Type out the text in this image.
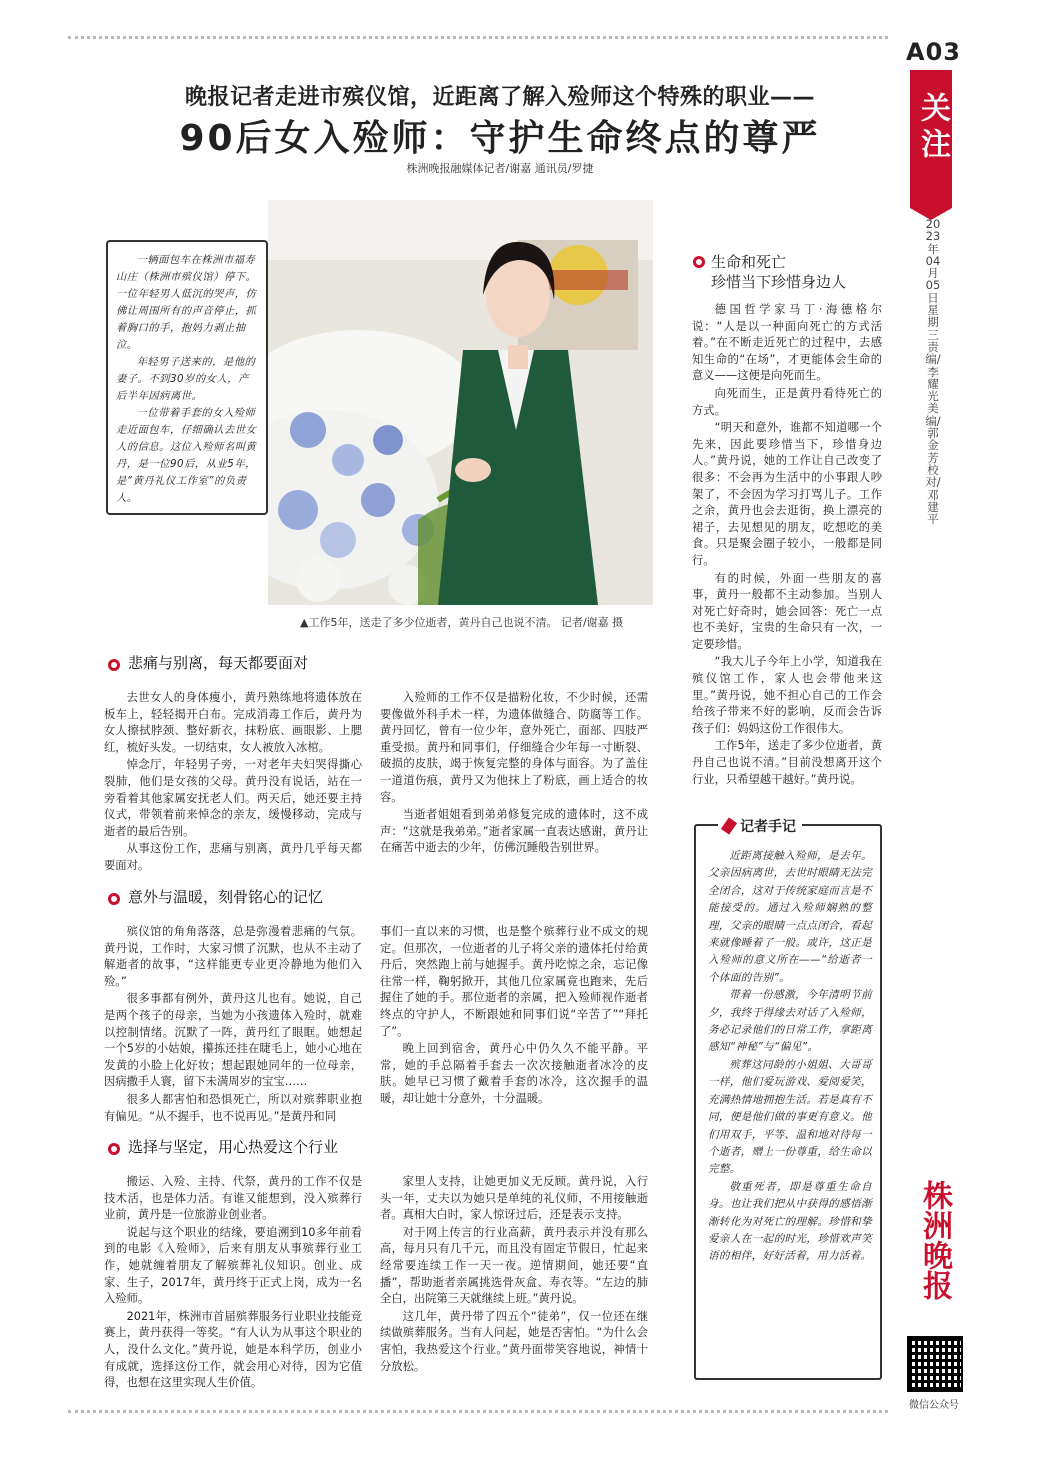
A03
关注
2023年04月05日 星期三 责编/李耀光 美编/郭金芳 校对/邓建平
株洲晚报
微信公众号
晚报记者走进市殡仪馆，近距离了解入殓师这个特殊的职业——
90后女入殓师：守护生命终点的尊严
株洲晚报融媒体记者/谢嘉 通讯员/罗捷
▲工作5年，送走了多少位逝者，黄丹自己也说不清。 记者/谢嘉 摄

一辆面包车在株洲市福寿山庄（株洲市殡仪馆）停下。一位年轻男人低沉的哭声，仿佛让周围所有的声音停止，抓着胸口的手，抱妈力剥止抽泣。

年轻男子送来的，是他的妻子。不到30岁的女人，产后半年因病离世。

一位带着手套的女入殓师走近面包车，仔细确认去世女人的信息。这位入殓师名叫黄丹，是一位90后，从业5年，是“黄丹礼仪工作室”的负责人。

悲痛与别离，每天都要面对

去世女人的身体瘦小，黄丹熟练地将遗体放在板车上，轻轻揭开白布。完成消毒工作后，黄丹为女人擦拭脖颈、整好新衣，抹粉底、画眼影、上腮红，梳好头发。一切结束，女人被放入冰棺。

悼念厅，年轻男子旁，一对老年夫妇哭得撕心裂肺，他们是女孩的父母。黄丹没有说话，站在一旁看着其他家属安抚老人们。两天后，她还要主持仪式，带领着前来悼念的亲友，缓慢移动，完成与逝者的最后告别。

从事这份工作，悲痛与别离，黄丹几乎每天都要面对。

入殓师的工作不仅是描粉化妆，不少时候，还需要像做外科手术一样，为遗体做缝合、防腐等工作。黄丹回忆，曾有一位少年，意外死亡，面部、四肢严重受损。黄丹和同事们，仔细缝合少年每一寸断裂、破损的皮肤，竭于恢复完整的身体与面容。为了盖住一道道伤痕，黄丹又为他抹上了粉底，画上适合的妆容。

当逝者姐姐看到弟弟修复完成的遗体时，这不成声：“这就是我弟弟。”逝者家属一直表达感谢，黄丹让在痛苦中逝去的少年，仿佛沉睡般告别世界。

意外与温暖，刻骨铭心的记忆

殡仪馆的角角落落，总是弥漫着悲痛的气氛。黄丹说，工作时，大家习惯了沉默，也从不主动了解逝者的故事，“这样能更专业更冷静地为他们入殓。”

很多事都有例外，黄丹这儿也有。她说，自己是两个孩子的母亲，当她为小孩遗体入殓时，就难以控制情绪。沉默了一阵，黄丹红了眼眶。她想起一个5岁的小姑娘，攥拣还挂在睫毛上，她小心地在发黄的小脸上化好妆；想起跟她同年的一位母亲，因病撒手人寰，留下未满周岁的宝宝……

很多人都害怕和恐惧死亡，所以对殡葬职业抱有偏见。“从不握手，也不说再见。”是黄丹和同

事们一直以来的习惯，也是整个殡葬行业不成文的规定。但那次，一位逝者的儿子将父亲的遗体托付给黄丹后，突然跑上前与她握手。黄丹吃惊之余，忘记像往常一样，鞠躬掀开，其他几位家属竟也跑来，先后握住了她的手。那位逝者的亲属，把入殓师视作逝者终点的守护人，不断跟她和同事们说“辛苦了”“拜托了”。

晚上回到宿舍，黄丹心中仍久久不能平静。平常，她的手总隔着手套去一次次接触逝者冰冷的皮肤。她早已习惯了戴着手套的冰冷，这次握手的温暖，却让她十分意外，十分温暖。

选择与坚定，用心热爱这个行业

搬运、入殓、主持、代祭，黄丹的工作不仅是技术活，也是体力活。有谁又能想到，没入殡葬行业前，黄丹是一位旅游业创业者。

说起与这个职业的结缘，要追溯到10多年前看到的电影《入殓师》，后来有朋友从事殡葬行业工作，她就缠着朋友了解殡葬礼仪知识。创业、成家、生子，2017年，黄丹终于正式上岗，成为一名入殓师。

2021年，株洲市首届殡葬服务行业职业技能竞赛上，黄丹获得一等奖。“有人认为从事这个职业的人，没什么文化。”黄丹说，她是本科学历，创业小有成就，选择这份工作，就会用心对待，因为它值得，也想在这里实现人生价值。

家里人支持，让她更加义无反顾。黄丹说，入行头一年，丈夫以为她只是单纯的礼仪师，不用接触逝者。真相大白时，家人惊讶过后，还是表示支持。

对于网上传言的行业高薪，黄丹表示并没有那么高，每月只有几千元，而且没有固定节假日，忙起来经常要连续工作一天一夜。逆情期间，她还要“直播”，帮助逝者亲属挑选骨灰盒、寿衣等。“左边的肺全白，出院第三天就继续上班。”黄丹说。

这几年，黄丹带了四五个“徒弟”，仅一位还在继续做殡葬服务。当有人问起，她是否害怕。“为什么会害怕，我热爱这个行业。”黄丹面带笑容地说，神情十分放松。

生命和死亡
珍惜当下珍惜身边人

德国哲学家马丁·海德格尔说：“人是以一种面向死亡的方式活着。”在不断走近死亡的过程中，去感知生命的“在场”，才更能体会生命的意义——这便是向死而生。

向死而生，正是黄丹看待死亡的方式。

“明天和意外，谁都不知道哪一个先来，因此要珍惜当下，珍惜身边人。”黄丹说，她的工作让自己改变了很多：不会再为生活中的小事跟人吵架了，不会因为学习打骂儿子。工作之余，黄丹也会去逛街，换上漂亮的裙子，去见想见的朋友，吃想吃的美食。只是聚会圈子较小，一般都是同行。

有的时候，外面一些朋友的喜事，黄丹一般都不主动参加。当别人对死亡好奇时，她会回答：死亡一点也不美好，宝贵的生命只有一次，一定要珍惜。

“我大儿子今年上小学，知道我在殡仪馆工作，家人也会带他来这里。”黄丹说，她不担心自己的工作会给孩子带来不好的影响，反而会告诉孩子们：妈妈这份工作很伟大。

工作5年，送走了多少位逝者，黄丹自己也说不清。”目前没想离开这个行业，只希望越干越好。”黄丹说。

记者手记

近距离接触入殓师，是去年。父亲因病离世，去世时眼睛无法完全闭合，这对于传统家庭而言是不能接受的。通过入殓师娴熟的整理，父亲的眼睛一点点闭合，看起来就像睡着了一般。或许，这正是入殓师的意义所在——“给逝者一个体面的告别”。

带着一份感激，今年清明节前夕，我终于得缘去对话了入殓师，务必记录他们的日常工作，拿距离感知“神秘”与“偏见”。

殡葬这同龄的小姐姐、大哥哥一样，他们爱玩游戏、爱阅爱笑，充满热情地拥抱生活。若是真有不同，便是他们做的事更有意义。他们用双手，平等、温和地对待每一个逝者，赠上一份尊重，给生命以完整。

敬重死者，即是尊重生命自身。也让我们把从中获得的感悟渐渐转化为对死亡的理解。珍惜和挚爱亲人在一起的时光，珍惜欢声笑语的相伴，好好活着，用力活着。
